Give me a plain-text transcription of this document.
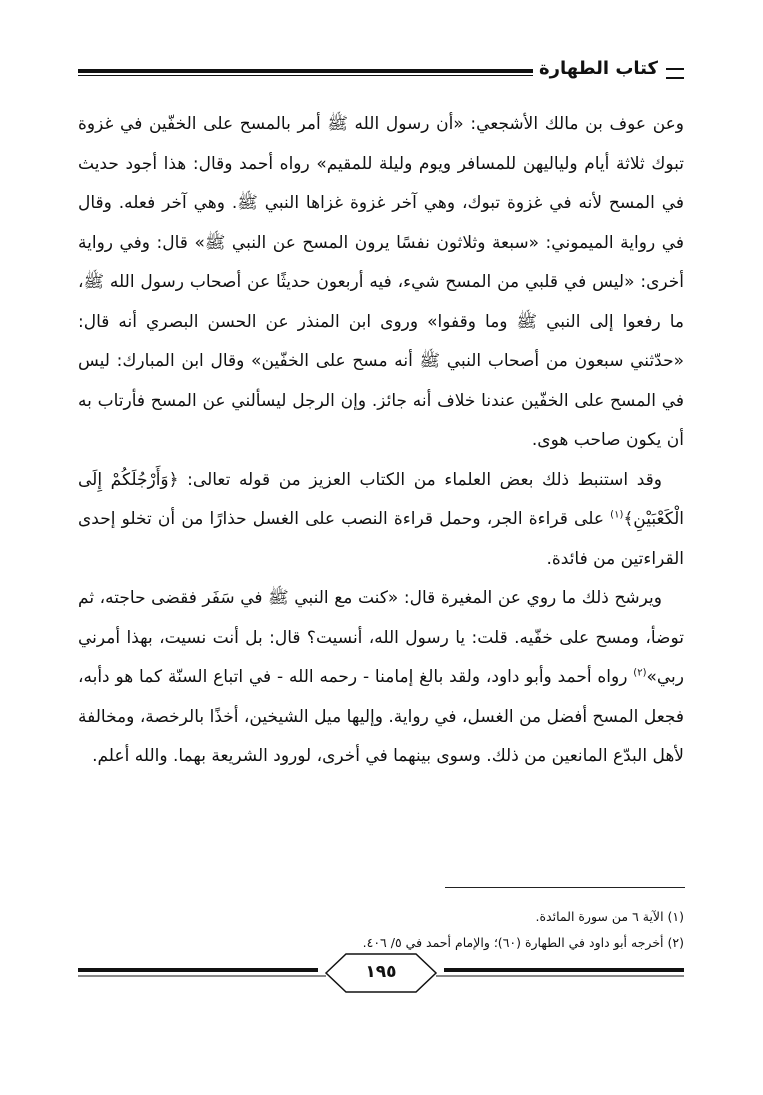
كتاب الطهارة

وعن عوف بن مالك الأشجعي: «أن رسول الله ﷺ أمر بالمسح على الخفّين في غزوة تبوك ثلاثة أيام ولياليهن للمسافر ويوم وليلة للمقيم» رواه أحمد وقال: هذا أجود حديث في المسح لأنه في غزوة تبوك، وهي آخر غزوة غزاها النبي ﷺ. وهي آخر فعله. وقال في رواية الميموني: «سبعة وثلاثون نفسًا يرون المسح عن النبي ﷺ» قال: وفي رواية أخرى: «ليس في قلبي من المسح شيء، فيه أربعون حديثًا عن أصحاب رسول الله ﷺ، ما رفعوا إلى النبي ﷺ وما وقفوا» وروى ابن المنذر عن الحسن البصري أنه قال: «حدّثني سبعون من أصحاب النبي ﷺ أنه مسح على الخفّين» وقال ابن المبارك: ليس في المسح على الخفّين عندنا خلاف أنه جائز. وإن الرجل ليسألني عن المسح فأرتاب به أن يكون صاحب هوى.

وقد استنبط ذلك بعض العلماء من الكتاب العزيز من قوله تعالى: ﴿وَأَرْجُلَكُمْ إِلَى الْكَعْبَيْنِ﴾$^{(١)}$ على قراءة الجر، وحمل قراءة النصب على الغسل حذارًا من أن تخلو إحدى القراءتين من فائدة.

ويرشح ذلك ما روي عن المغيرة قال: «كنت مع النبي ﷺ في سَفَر فقضى حاجته، ثم توضأ، ومسح على خفّيه. قلت: يا رسول الله، أنسيت؟ قال: بل أنت نسيت، بهذا أمرني ربي»$^{(٢)}$ رواه أحمد وأبو داود، ولقد بالغ إمامنا - رحمه الله - في اتباع السنّة كما هو دأبه، فجعل المسح أفضل من الغسل، في رواية. وإليها ميل الشيخين، أخذًا بالرخصة، ومخالفة لأهل البدّع المانعين من ذلك. وسوى بينهما في أخرى، لورود الشريعة بهما. والله أعلم.

(١) الآية ٦ من سورة المائدة.

(٢) أخرجه أبو داود في الطهارة (٦٠)؛ والإمام أحمد في ٥/ ٤٠٦.

١٩٥
